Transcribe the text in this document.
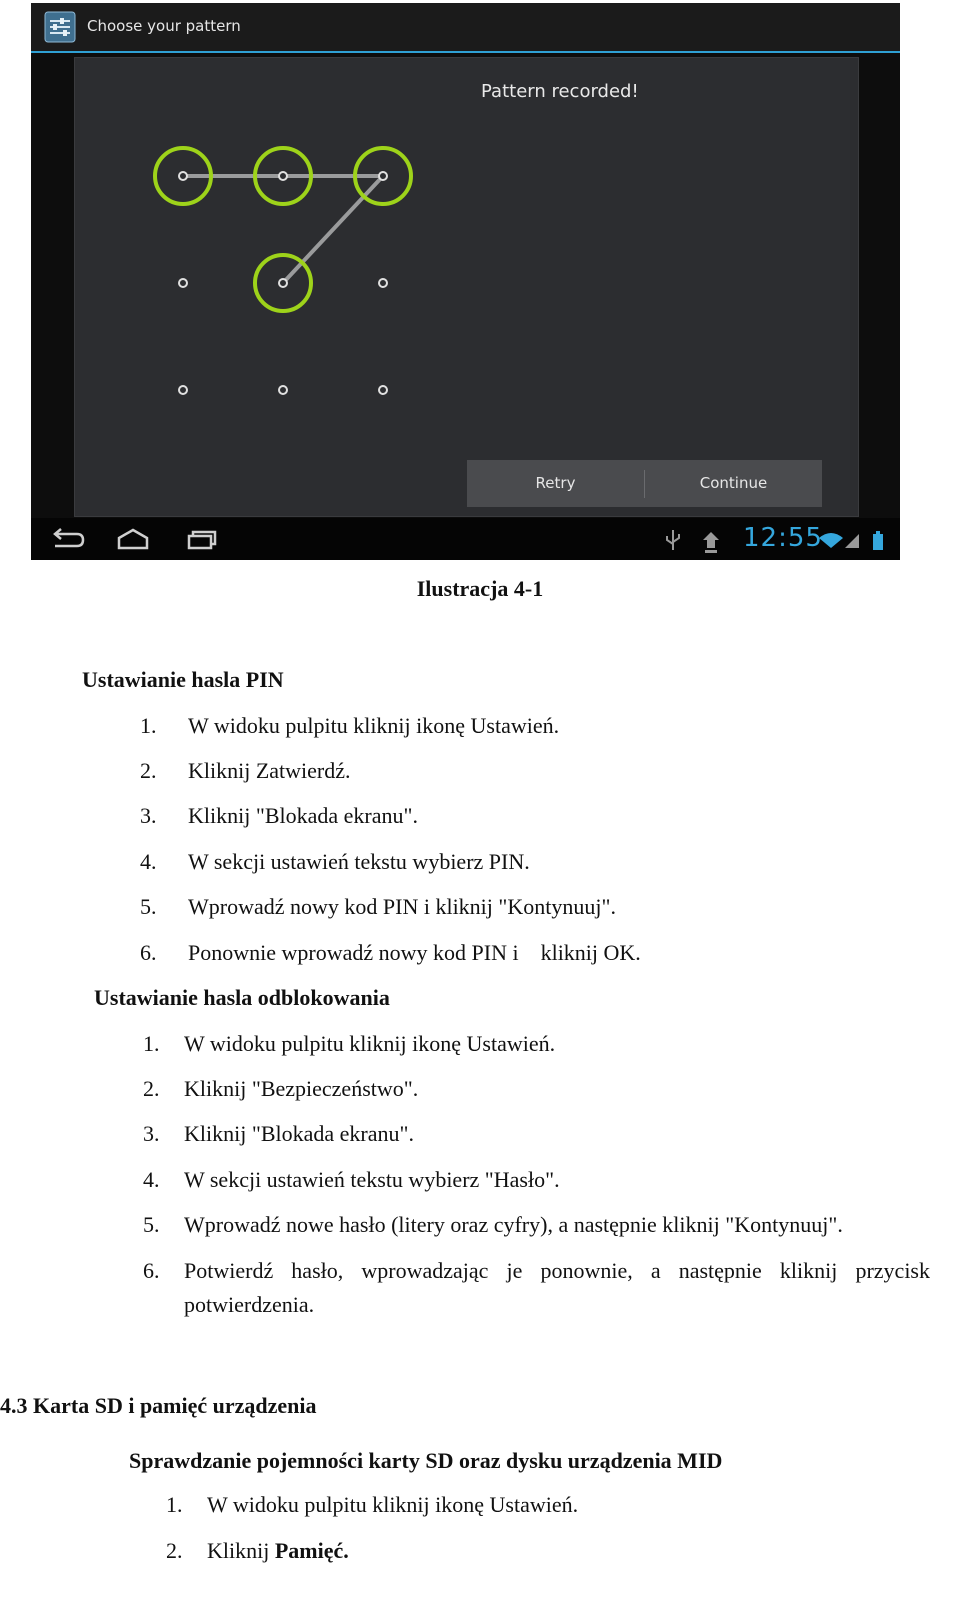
Choose your pattern
Pattern recorded!
Retry	Continue
12:55
Ilustracja 4-1
Ustawianie hasla PIN
1. W widoku pulpitu kliknij ikonę Ustawień.
2. Kliknij Zatwierdź.
3. Kliknij "Blokada ekranu".
4. W sekcji ustawień tekstu wybierz PIN.
5. Wprowadź nowy kod PIN i kliknij "Kontynuuj".
6. Ponownie wprowadź nowy kod PIN i    kliknij OK.
Ustawianie hasla odblokowania
1. W widoku pulpitu kliknij ikonę Ustawień.
2. Kliknij "Bezpieczeństwo".
3. Kliknij "Blokada ekranu".
4. W sekcji ustawień tekstu wybierz "Hasło".
5. Wprowadź nowe hasło (litery oraz cyfry), a następnie kliknij "Kontynuuj".
6. Potwierdź hasło, wprowadzając je ponownie, a następnie kliknij przycisk
potwierdzenia.
4.3 Karta SD i pamięć urządzenia
Sprawdzanie pojemności karty SD oraz dysku urządzenia MID
1. W widoku pulpitu kliknij ikonę Ustawień.
2. Kliknij Pamięć.
